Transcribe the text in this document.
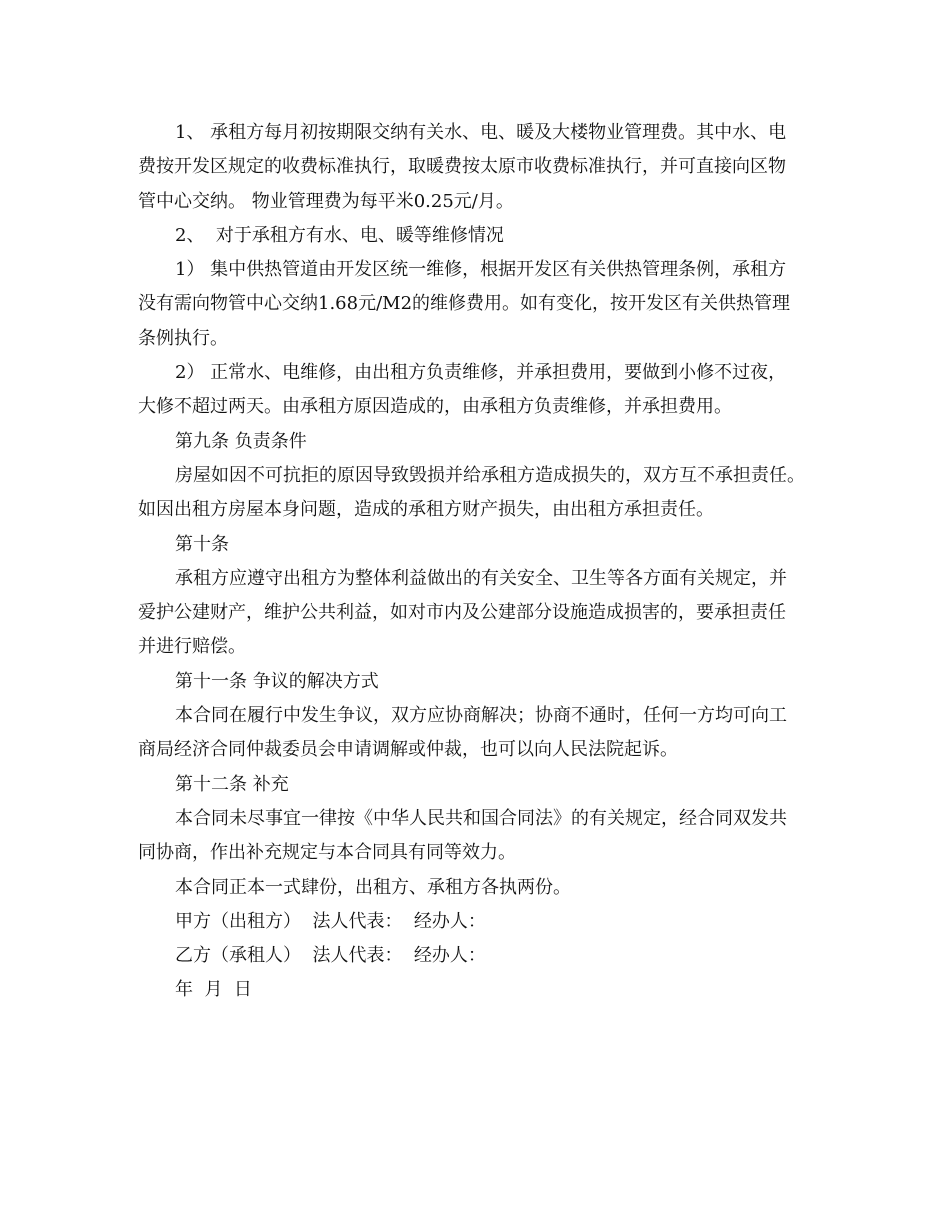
1、 承租方每月初按期限交纳有关水、电、暖及大楼物业管理费。其中水、电
费按开发区规定的收费标准执行，取暖费按太原市收费标准执行，并可直接向区物
管中心交纳。 物业管理费为每平米0.25元/月。
2、  对于承租方有水、电、暖等维修情况
1） 集中供热管道由开发区统一维修，根据开发区有关供热管理条例，承租方
没有需向物管中心交纳1.68元/M2的维修费用。如有变化，按开发区有关供热管理
条例执行。
2） 正常水、电维修，由出租方负责维修，并承担费用，要做到小修不过夜，
大修不超过两天。由承租方原因造成的，由承租方负责维修，并承担费用。
第九条 负责条件
房屋如因不可抗拒的原因导致毁损并给承租方造成损失的，双方互不承担责任。
如因出租方房屋本身问题，造成的承租方财产损失，由出租方承担责任。
第十条
承租方应遵守出租方为整体利益做出的有关安全、卫生等各方面有关规定，并
爱护公建财产，维护公共利益，如对市内及公建部分设施造成损害的，要承担责任
并进行赔偿。
第十一条 争议的解决方式
本合同在履行中发生争议，双方应协商解决；协商不通时，任何一方均可向工
商局经济合同仲裁委员会申请调解或仲裁，也可以向人民法院起诉。
第十二条 补充
本合同未尽事宜一律按《中华人民共和国合同法》的有关规定，经合同双发共
同协商，作出补充规定与本合同具有同等效力。
本合同正本一式肆份，出租方、承租方各执两份。
甲方（出租方）  法人代表：  经办人：
乙方（承租人）  法人代表：  经办人：
年  月  日
